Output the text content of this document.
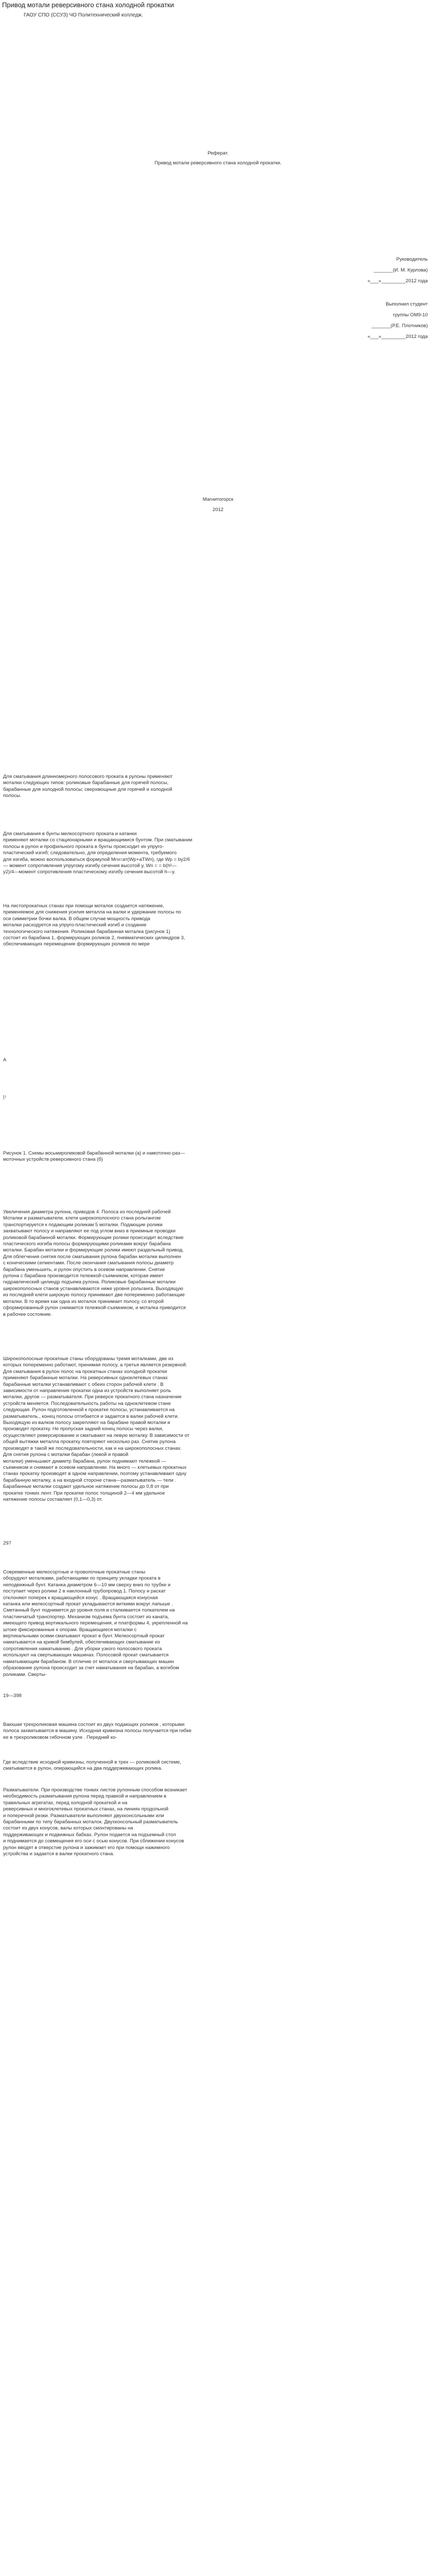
Привод мотали реверсивного стана холодной прокатки
ГАОУ СПО (ССУЗ) ЧО Политехнический колледж.
Реферат.
Привод мотали реверсивного стана холодной прокатки.
Руководитель
_______(И. М. Курлова)
«___»_________2012 года
Выполнил студент
группы ОМ9-10
_______(Р.Е. Плотников)
«___»_________2012 года
Магнитогорск
2012
Для сматывания длинномерного полосового проката в рулоны применяют
моталки следующих типов: роликовые барабанные для горячей полосы,
барабанные для холодной полосы; сверхмощные для горячей и холодной
полосы.
Для сматывания в бунты мелкосортного проката и катанки
применяют моталки со стационарными и вращающимися бунтом. При сматывании
полосы в рулон и профильного проката в бунты происходит их упруго-
пластический изгиб; следовательно, для определения момента, требуемого
для изгиба, можно воспользоваться формулой Mгн=ат(Wp+aTWn), где Wр = by2/6
— момент сопротивления упругому изгибу сечения высотой у, Wn = = b(h²—
y2)/4—момент сопротивления пластическому изгибу сечения высотой h—y.
На листопрокатных станах при помощи моталок создается натяжение,
применяемое для снижения усилия металла на валки и удержание полосы по
оси симметрии бочки валка. В общем случае мощность привода
моталки расходуется на упруго-пластический изгиб и создание
технологического натяжения. Роликовая барабанная моталка (рисунок 1)
состоит из барабана 1, формирующих роликов 2, пневматических цилиндров 3,
обеспечивающих перемещение формирующих роликов по мере
А
|↑
Рисунок 1. Схемы восьмироликовой барабанной моталки (а) и намоточно-раз—
моточных устройств реверсивного стана (б)
Увеличения диаметра рулона, приводов 4. Полоса из последней рабочей
Моталки и разматыватели. клети широкополосного стана рольгангом
транспортируется к подающим роликам 5 моталки. Подающие ролики
захватывают полосу и направляют ее под углом вниз в приемные проводки
роликовой барабанной моталки. Формирующие ролики происходит вследствие
пластического изгиба полосы формирующими роликами вокруг барабана
моталки. Барабан моталки и формирующие ролики имеют раздельный привод.
Для облегчения снятия после сматывания рулона барабан моталки выполнен
с конически​ми​ сегментами. После окончания сматывания полосы диаметр
барабана уменьшить, и рулон опустить в осевом направлении. Снятие
рулона с барабана производится тележкой-съемником, которая имеет
гидравлический цилиндр подъема рулона. Роликовые барабанные моталки
широкополосных станов устанавливаются ниже уровня рольганга. Выходящую
из последней клети широкую полосу принимают две попеременно работающие
моталки. В то время как одна из моталок принимает полосу, со второй
сформированный рулон снимается тележкой-съемником, и моталка приводится
в рабочее состояние.
Широкополосные прокатные станы оборудованы тремя моталками, две из
которых попеременно работают, принимая полосу, а третья является резервной.
Для сматывания в рулон полос на прокатных станах холодной прокатки
применяют барабанные моталки. На реверсивных одноклетевых станах
барабанные моталки устанавливают с обеих сторон рабочей клети . В
зависимости от направления прокатки одна из устройств выполняет роль
моталки, другое — разматывателя. При реверсе прокатного стана назначение
устройств меняется. Последовательность работы на одноклетевом стане
следующая. Рулон подготовленной к прокатке полосы, устанавливается на
разматыватель., конец полосы отгибается и задается в валки рабочей клети.
Выходящую из валков полосу закрепляют на барабане правой моталки и
производят прокатку. Не пропуская задний конец полосы через валки,
осуществляют реверсирование и сматывают на левую моталку. В зависимости от
общей вытяжки металла прокатку повторяют несколько раз. Снятие рулона
производят в такой же последовательности, как и на широкополосных станах.
Для снятия рулона с моталки барабан (левой и правой
моталки) уменьшают диаметр барабана, рулон поднимают тележкой —
съемником и снимают в осевом направлении. На много — клетьевых прокатных
станах прокатку производят в одном направлении, поэтому устанавливают одну
барабанную моталку, а на входной стороне стана—разматыватель — тели .
Барабанные моталки создают удельное натяжение полосы до 0,8 от при
прокатке тонких лент. При прокатке полос толщиной 2—4 мм удельное
натяжение полосы составляет (0,1—0,3) от.
297
Современные мелкосортные и проволочные прокатные станы
оборудуют моталками, работающими по принципу укладки проката в
неподвижный бунт. Катанка диаметром 6—10 мм сверху вниз по трубке и
поступает через ролики 2 в наклонный трубопровод 1. Полосу и раскат
отклоняют поперек к вращающейся конус . Вращающаяся конусная
катанка или мелкосортный прокат укладываются виткими вокруг лапыше .
Сметанный бунт поднимется до уровня поля и сталкивается толкателем на
пластинчатый транспортер. Механизм подъема бунта состоит из каната,
имеющего привод вертикального перемещения, и платформы 4, укрепленной на
штоке фиксированные к опорам. Вращающиеся моталки с
вертикальными осями сматывают прокат в бунт. Мелкосортный прокат
наматывается на кривой бимбулей, обеспечивающих сматывание из
сопротивления наматыванию . Для уборки узкого полосового проката
используют на свертывающих машинах. Полосовой прокат сматывается
наматывающим барабаном. В отличие от моталок и свертывающих машин
образование рулона происходит за счет наматывания на барабан, а вогибом
роликами. Сверты-
19—398
Ваюшая трехроликовая машина состоит из двух подающих роликов , которыми
полоса захватывается в машину. Исходная кривизна полосы получается при гибке
ее в трехроликовом гибочном узле . Передний ко-
Где вследствие исходной кривизны, полученной в трех — роликовой системе,
сматывается в рулон, опирающийся на два поддерживающих ролика.
Разматыватели. При производстве тонких листов рулонным способом возникает
необходимость разматывания рулона перед правкой и направлением в
травильных агрегатах, перед холодной прокаткой и на
реверсивных и многоклетевых прокатных станах, на линиях продольной
и поперечной резки. Разматыватели выполняют двухконсольными или
барабанными по типу барабанных моталок. Двухконсольный разматыватель
состоит из двух конусов, валы которых смонтированы на
поддерживающих и подвижных бабках. Рулон подается на подъемный стол
и поднимается до совмещения его оси с осью конусов. При сближении конусов
рулон вводят в отверстие рулона и зажимает его при помощи нажимного
устройства и задается в валки прокатного стана.
